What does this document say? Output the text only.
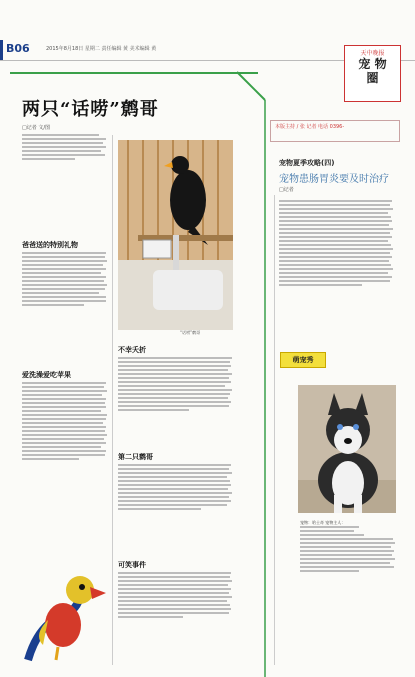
B06	2015年8月18日 星期二 责任编辑 黄 美术编辑 黄
天中晚报
宠 物
圈
两只“话唠”鹩哥
□记者 文/图
爸爸送的特别礼物
爱洗澡爱吃苹果
“话唠”鹩哥
不幸夭折
第二只鹩哥
可笑事件
本版主持 / 张 记者 电话 0396-
宠物夏季攻略(四)
宠物患肠胃炎要及时治疗
□记者
萌宠秀
宠物：哈士奇 宠物主人：
